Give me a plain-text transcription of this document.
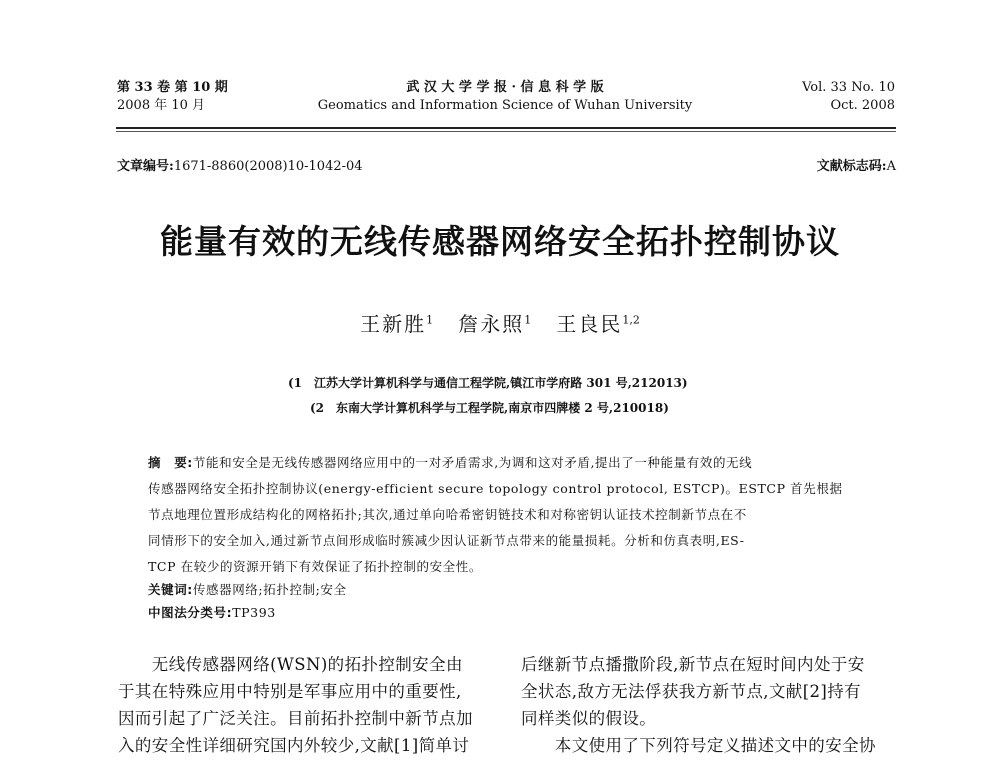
第 33 卷 第 10 期
2008 年 10 月
武 汉 大 学 学 报 · 信 息 科 学 版
Geomatics and Information Science of Wuhan University
Vol. 33 No. 10
Oct. 2008
文章编号:1671-8860(2008)10-1042-04	文献标志码:A
能量有效的无线传感器网络安全拓扑控制协议
王新胜$^1$ 詹永照$^1$ 王良民$^{1,2}$
(1　江苏大学计算机科学与通信工程学院,镇江市学府路 301 号,212013)
(2　东南大学计算机科学与工程学院,南京市四牌楼 2 号,210018)
摘　要:节能和安全是无线传感器网络应用中的一对矛盾需求,为调和这对矛盾,提出了一种能量有效的无线
传感器网络安全拓扑控制协议(energy-efficient secure topology control protocol, ESTCP)。ESTCP 首先根据
节点地理位置形成结构化的网格拓扑;其次,通过单向哈希密钥链技术和对称密钥认证技术控制新节点在不
同情形下的安全加入,通过新节点间形成临时簇减少因认证新节点带来的能量损耗。分析和仿真表明,ES-
TCP 在较少的资源开销下有效保证了拓扑控制的安全性。
关键词:传感器网络;拓扑控制;安全
中图法分类号:TP393
　　无线传感器网络(WSN)的拓扑控制安全由
于其在特殊应用中特别是军事应用中的重要性,
因而引起了广泛关注。目前拓扑控制中新节点加
入的安全性详细研究国内外较少,文献[1]简单讨
后继新节点播撒阶段,新节点在短时间内处于安
全状态,敌方无法俘获我方新节点,文献[2]持有
同样类似的假设。
　　本文使用了下列符号定义描述文中的安全协
